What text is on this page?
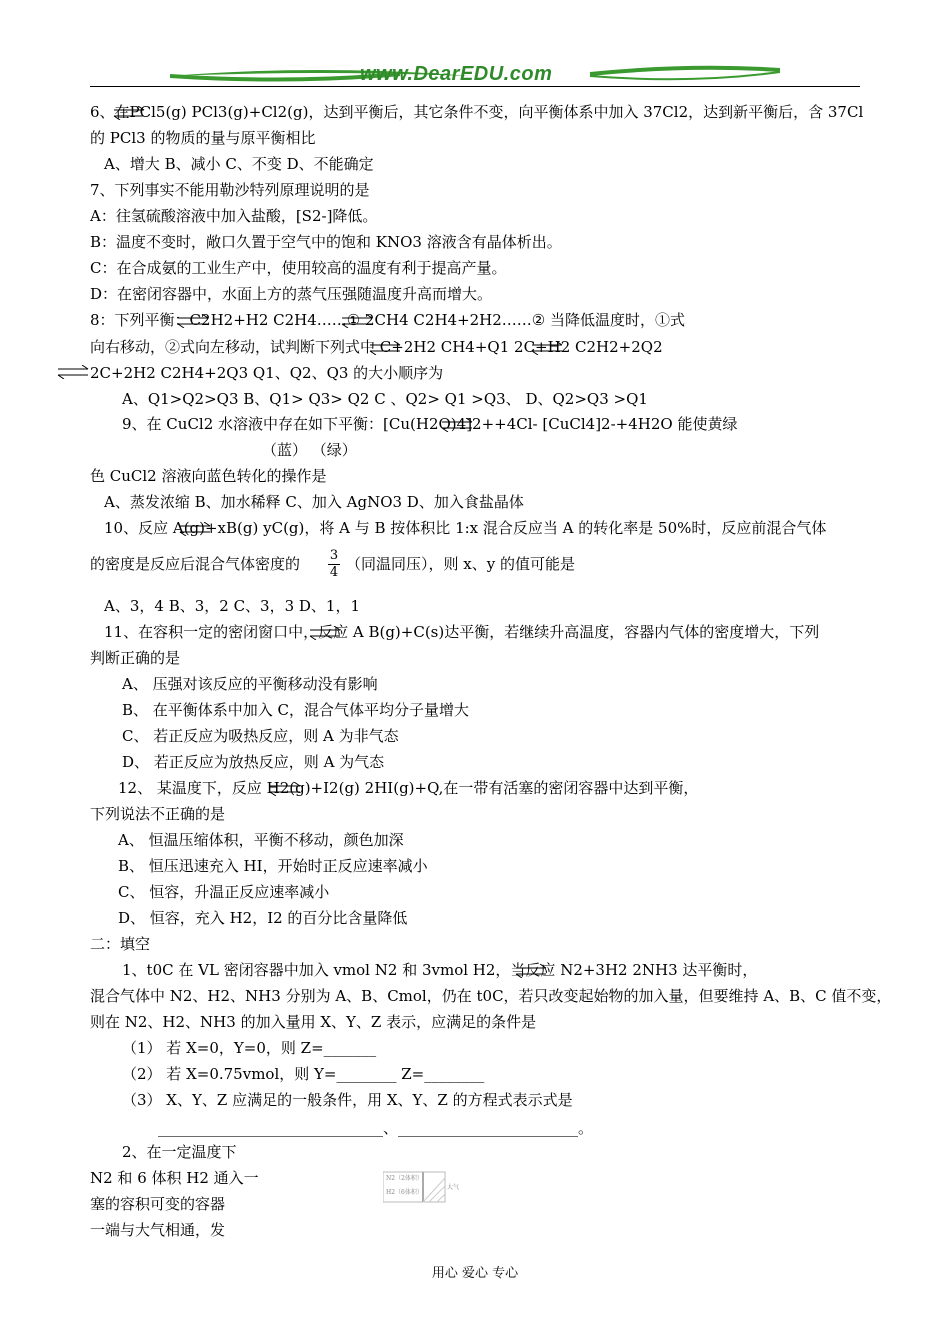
www.DearEDU.com
6、在PCl5(g) PCl3(g)+Cl2(g)，达到平衡后，其它条件不变，向平衡体系中加入 37Cl2，达到新平衡后，含 37Cl
的 PCl3 的物质的量与原平衡相比
A、增大 B、减小 C、不变 D、不能确定
7、下列事实不能用勒沙特列原理说明的是
A：往氢硫酸溶液中加入盐酸，[S2-]降低。
B：温度不变时，敞口久置于空气中的饱和 KNO3 溶液含有晶体析出。
C：在合成氨的工业生产中，使用较高的温度有利于提高产量。
D：在密闭容器中，水面上方的蒸气压强随温度升高而增大。
8：下列平衡：C2H2+H2 C2H4……① 2CH4 C2H4+2H2……② 当降低温度时，①式
向右移动，②式向左移动，试判断下列式中 C+2H2 CH4+Q1 2C+H2 C2H2+2Q2
2C+2H2 C2H4+2Q3 Q1、Q2、Q3 的大小顺序为
A、Q1>Q2>Q3 B、Q1> Q3> Q2 C 、Q2> Q1 >Q3、 D、Q2>Q3 >Q1
9、在 CuCl2 水溶液中存在如下平衡：[Cu(H2O)4]2++4Cl- [CuCl4]2-+4H2O 能使黄绿
（蓝） （绿）
色 CuCl2 溶液向蓝色转化的操作是
A、蒸发浓缩 B、加水稀释 C、加入 AgNO3 D、加入食盐晶体
10、反应 A(g)+xB(g) yC(g)，将 A 与 B 按体积比 1:x 混合反应当 A 的转化率是 50%时，反应前混合气体
的密度是反应后混合气体密度的 $\frac{3}{4}$ （同温同压），则 x、y 的值可能是
A、3，4 B、3，2 C、3，3 D、1，1
11、在容积一定的密闭窗口中，反应 A B(g)+C(s)达平衡，若继续升高温度，容器内气体的密度增大，下列
判断正确的是
A、 压强对该反应的平衡移动没有影响
B、 在平衡体系中加入 C，混合气体平均分子量增大
C、 若正反应为吸热反应，则 A 为非气态
D、 若正反应为放热反应，则 A 为气态
12、 某温度下，反应 H2(g)+I2(g) 2HI(g)+Q,在一带有活塞的密闭容器中达到平衡，
下列说法不正确的是
A、 恒温压缩体积，平衡不移动，颜色加深
B、 恒压迅速充入 HI，开始时正反应速率减小
C、 恒容，升温正反应速率减小
D、 恒容，充入 H2，I2 的百分比含量降低
二：填空
1、t0C 在 VL 密闭容器中加入 vmol N2 和 3vmol H2，当反应 N2+3H2 2NH3 达平衡时，
混合气体中 N2、H2、NH3 分别为 A、B、Cmol，仍在 t0C，若只改变起始物的加入量，但要维持 A、B、C 值不变，
则在 N2、H2、NH3 的加入量用 X、Y、Z 表示，应满足的条件是
（1） 若 X=0，Y=0，则 Z=_______
（2） 若 X=0.75vmol，则 Y=________ Z=________
（3） X、Y、Z 应满足的一般条件，用 X、Y、Z 的方程式表示式是
______________________________、________________________。
2、在一定温度下
N2 和 6 体积 H2 通入一
塞的容积可变的容器
一端与大气相通，发
N2（2体积）
H2（6体积）
大气
用心 爱心 专心
